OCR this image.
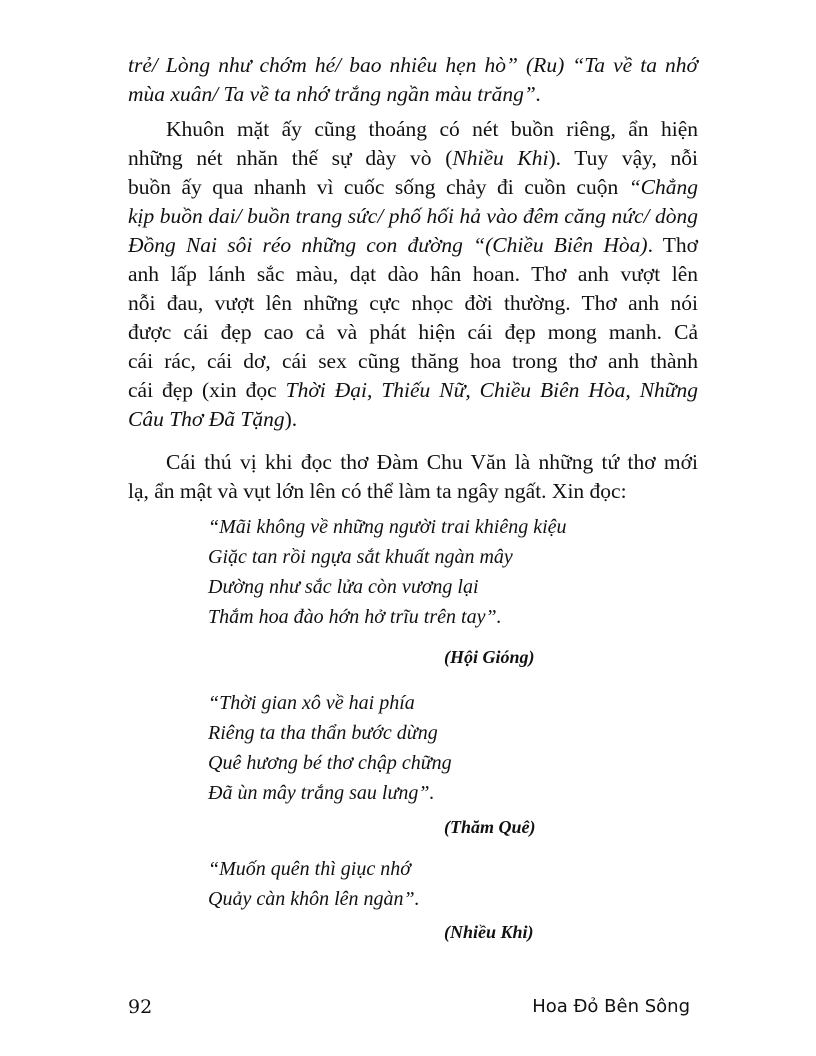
trẻ/ Lòng như chớm hé/ bao nhiêu hẹn hò” (Ru) “Ta về ta nhớ
mùa xuân/ Ta về ta nhớ trắng ngần màu trăng”.
Khuôn mặt ấy cũng thoáng có nét buồn riêng, ẩn hiện
những nét nhăn thế sự dày vò (Nhiều Khi). Tuy vậy, nỗi
buồn ấy qua nhanh vì cuốc sống chảy đi cuồn cuộn “Chẳng
kịp buồn dai/ buồn trang sức/ phố hối hả vào đêm căng nức/ dòng
Đồng Nai sôi réo những con đường “(Chiều Biên Hòa). Thơ
anh lấp lánh sắc màu, dạt dào hân hoan. Thơ anh vượt lên
nỗi đau, vượt lên những cực nhọc đời thường. Thơ anh nói
được cái đẹp cao cả và phát hiện cái đẹp mong manh. Cả
cái rác, cái dơ, cái sex cũng thăng hoa trong thơ anh thành
cái đẹp (xin đọc Thời Đại, Thiếu Nữ, Chiều Biên Hòa, Những
Câu Thơ Đã Tặng).
Cái thú vị khi đọc thơ Đàm Chu Văn là những tứ thơ mới
lạ, ẩn mật và vụt lớn lên có thể làm ta ngây ngất. Xin đọc:
“Mãi không về những người trai khiêng kiệu
Giặc tan rồi ngựa sắt khuất ngàn mây
Dường như sắc lửa còn vương lại
Thắm hoa đào hớn hở trĩu trên tay”.
(Hội Gióng)
“Thời gian xô về hai phía
Riêng ta tha thẩn bước dừng
Quê hương bé thơ chập chững
Đã ùn mây trắng sau lưng”.
(Thăm Quê)
“Muốn quên thì giục nhớ
Quảy càn khôn lên ngàn”.
(Nhiều Khi)
92	Hoa Đỏ Bên Sông
